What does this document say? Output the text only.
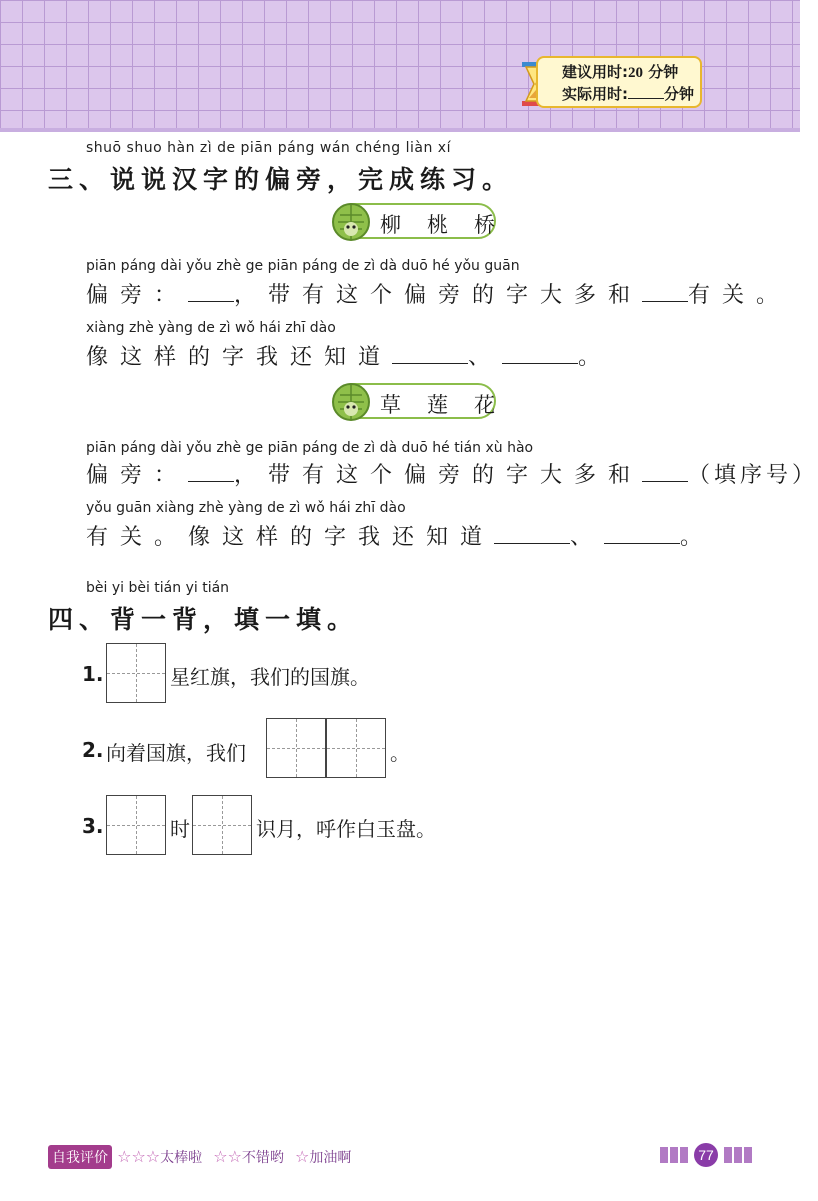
建议用时:20 分钟
实际用时: 分钟
shuō shuo hàn zì de piān páng wán chéng liàn xí
三、说说汉字的偏旁，完成练习。
柳桃桥
piān páng dài yǒu zhè ge piān páng de zì dà duō hé yǒu guān
偏旁： ，带有这个偏旁的字大多和 有关。
xiàng zhè yàng de zì wǒ hái zhī dào
像这样的字我还知道	、	。
草莲花
piān páng dài yǒu zhè ge piān páng de zì dà duō hé tián xù hào
偏旁： ，带有这个偏旁的字大多和 （填序号）
yǒu guān xiàng zhè yàng de zì wǒ hái zhī dào
有关。像这样的字我还知道	、	。
bèi yi bèi tián yi tián
四、背一背，填一填。
1.	星红旗，我们的国旗。
2. 向着国旗，我们	。
3.	时	识月，呼作白玉盘。
自我评价 ☆☆☆太棒啦 ☆☆不错哟 ☆加油啊	77
